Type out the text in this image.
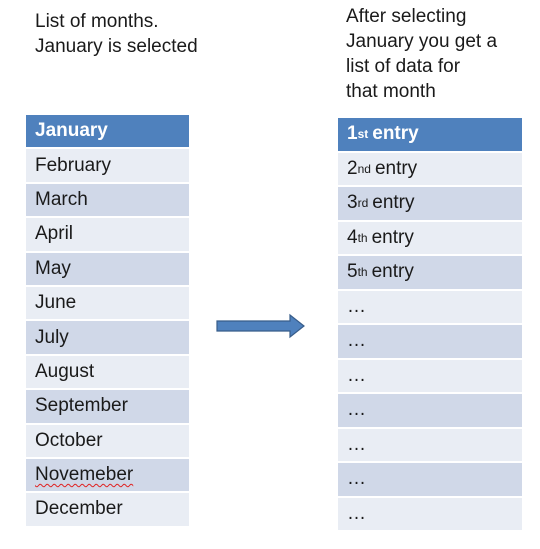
List of months.
January is selected
After selecting
January you get a
list of data for
that month
January
February
March
April
May
June
July
August
September
October
Novemeber
December
1 st entry
2 nd entry
3 rd entry
4 th entry
5 th entry
…
…
…
…
…
…
…
